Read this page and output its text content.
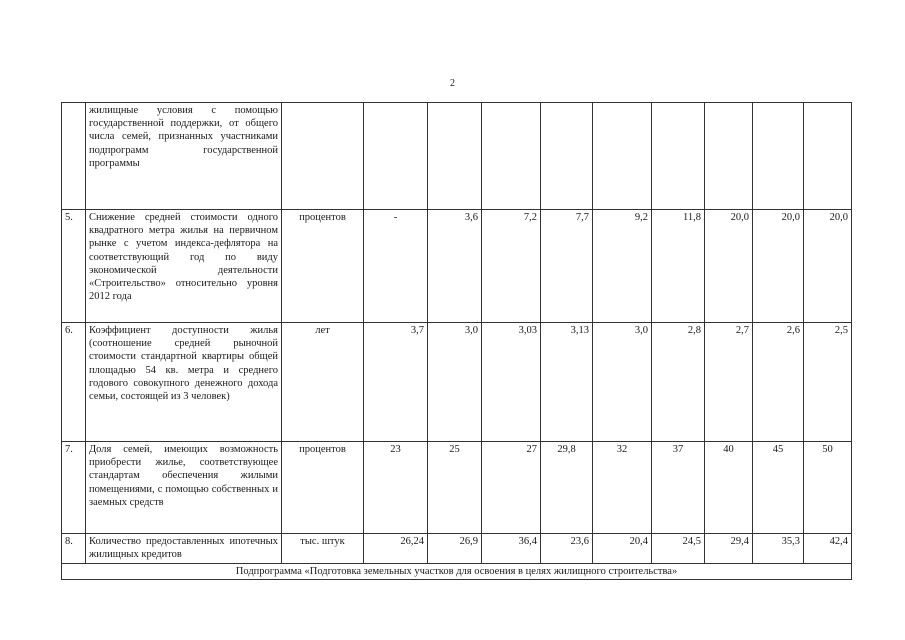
2
	жилищные условия с помощью государственной поддержки, от общего числа семей, признанных участниками подпрограмм государственной программы										
5.	Снижение средней стоимости одного квадратного метра жилья на первичном рынке с учетом индекса-дефлятора на соответствующий год по виду экономической деятельности «Строительство» относительно уровня 2012 года	процентов	-	3,6	7,2	7,7	9,2	11,8	20,0	20,0	20,0
6.	Коэффициент доступности жилья (соотношение средней рыночной стоимости стандартной квартиры общей площадью 54 кв. метра и среднего годового совокупного денежного дохода семьи, состоящей из 3 человек)	лет	3,7	3,0	3,03	3,13	3,0	2,8	2,7	2,6	2,5
7.	Доля семей, имеющих возможность приобрести жилье, соответствующее стандартам обеспечения жилыми помещениями, с помощью собственных и заемных средств	процентов	23	25	27	29,8	32	37	40	45	50
8.	Количество предоставленных ипотечных жилищных кредитов	тыс. штук	26,24	26,9	36,4	23,6	20,4	24,5	29,4	35,3	42,4
Подпрограмма «Подготовка земельных участков для освоения в целях жилищного строительства»											
